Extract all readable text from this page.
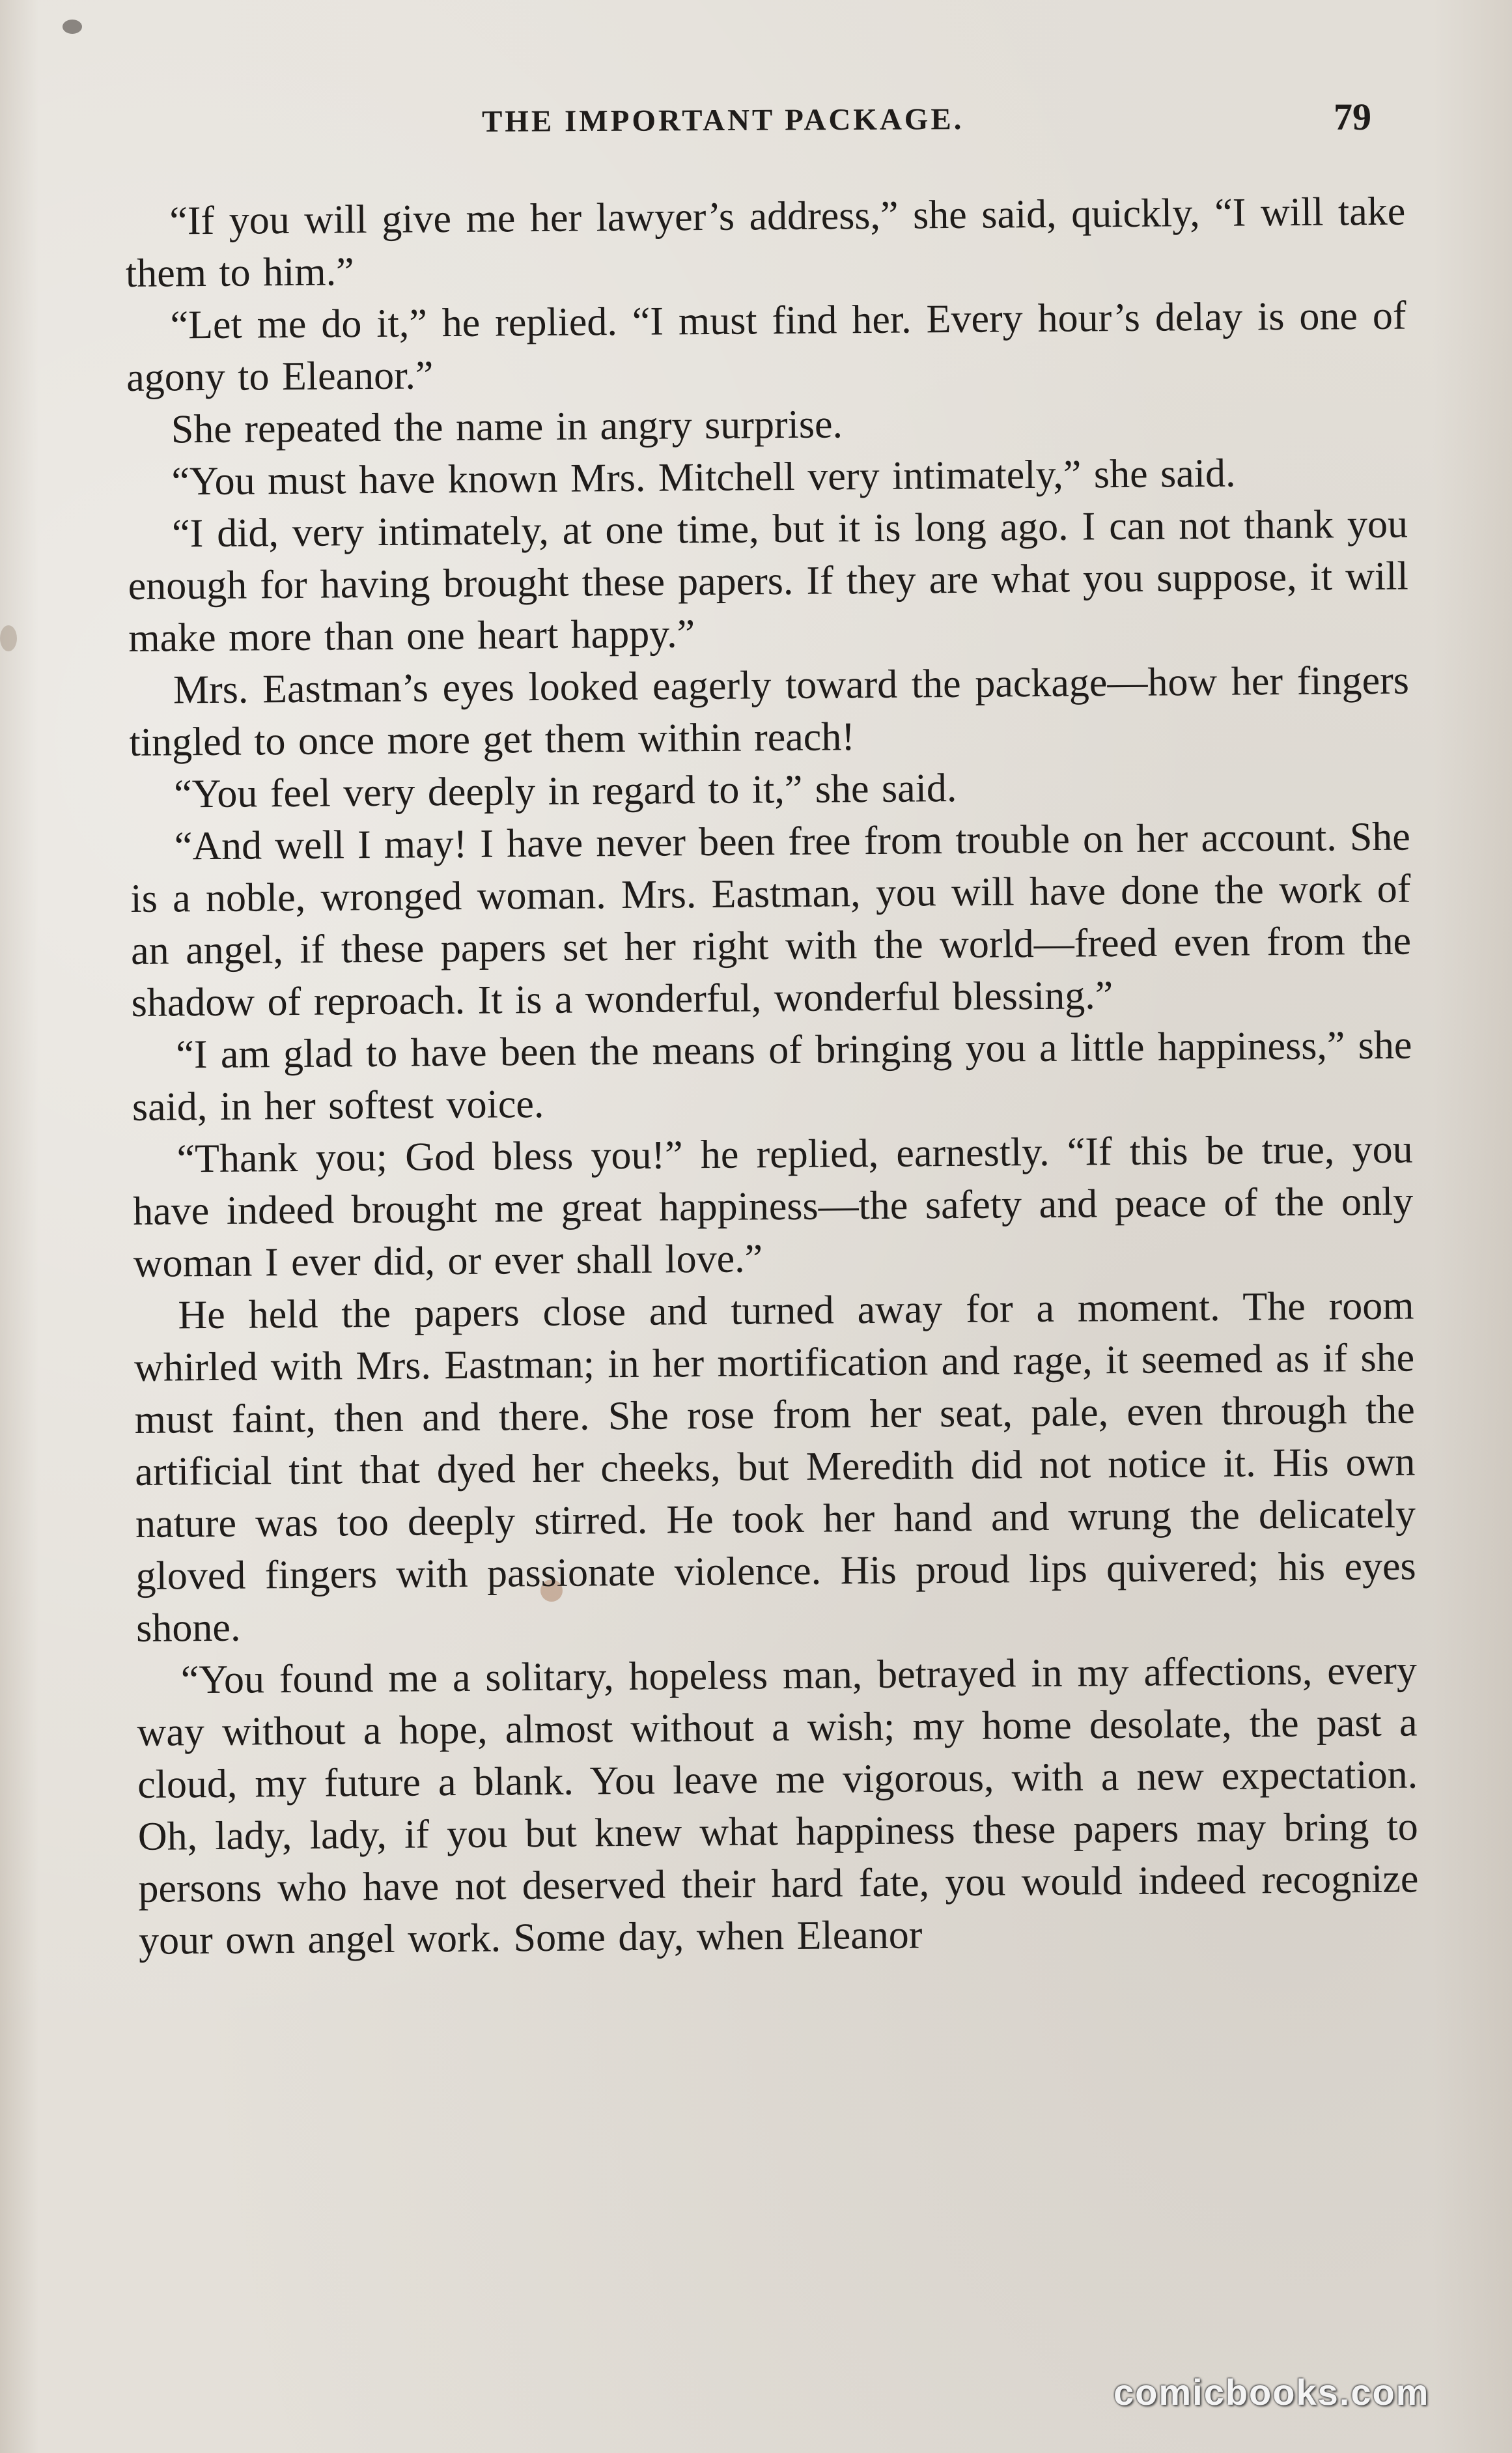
THE IMPORTANT PACKAGE.	79

“If you will give me her lawyer’s address,” she said, quickly, “I will take them to him.”

“Let me do it,” he replied. “I must find her. Every hour’s delay is one of agony to Eleanor.”

She repeated the name in angry surprise.

“You must have known Mrs. Mitchell very intimately,” she said.

“I did, very intimately, at one time, but it is long ago. I can not thank you enough for having brought these papers. If they are what you suppose, it will make more than one heart happy.”

Mrs. Eastman’s eyes looked eagerly toward the package—how her fingers tingled to once more get them within reach!

“You feel very deeply in regard to it,” she said.

“And well I may! I have never been free from trouble on her account. She is a noble, wronged woman. Mrs. Eastman, you will have done the work of an angel, if these papers set her right with the world—freed even from the shadow of reproach. It is a wonderful, wonderful blessing.”

“I am glad to have been the means of bringing you a little happiness,” she said, in her softest voice.

“Thank you; God bless you!” he replied, earnestly. “If this be true, you have indeed brought me great happiness—the safety and peace of the only woman I ever did, or ever shall love.”

He held the papers close and turned away for a moment. The room whirled with Mrs. Eastman; in her mortification and rage, it seemed as if she must faint, then and there. She rose from her seat, pale, even through the artificial tint that dyed her cheeks, but Meredith did not notice it. His own nature was too deeply stirred. He took her hand and wrung the delicately gloved fingers with passionate violence. His proud lips quivered; his eyes shone.

“You found me a solitary, hopeless man, betrayed in my affections, every way without a hope, almost without a wish; my home desolate, the past a cloud, my future a blank. You leave me vigorous, with a new expectation. Oh, lady, lady, if you but knew what happiness these papers may bring to persons who have not deserved their hard fate, you would indeed recognize your own angel work. Some day, when Eleanor

comicbooks.com
